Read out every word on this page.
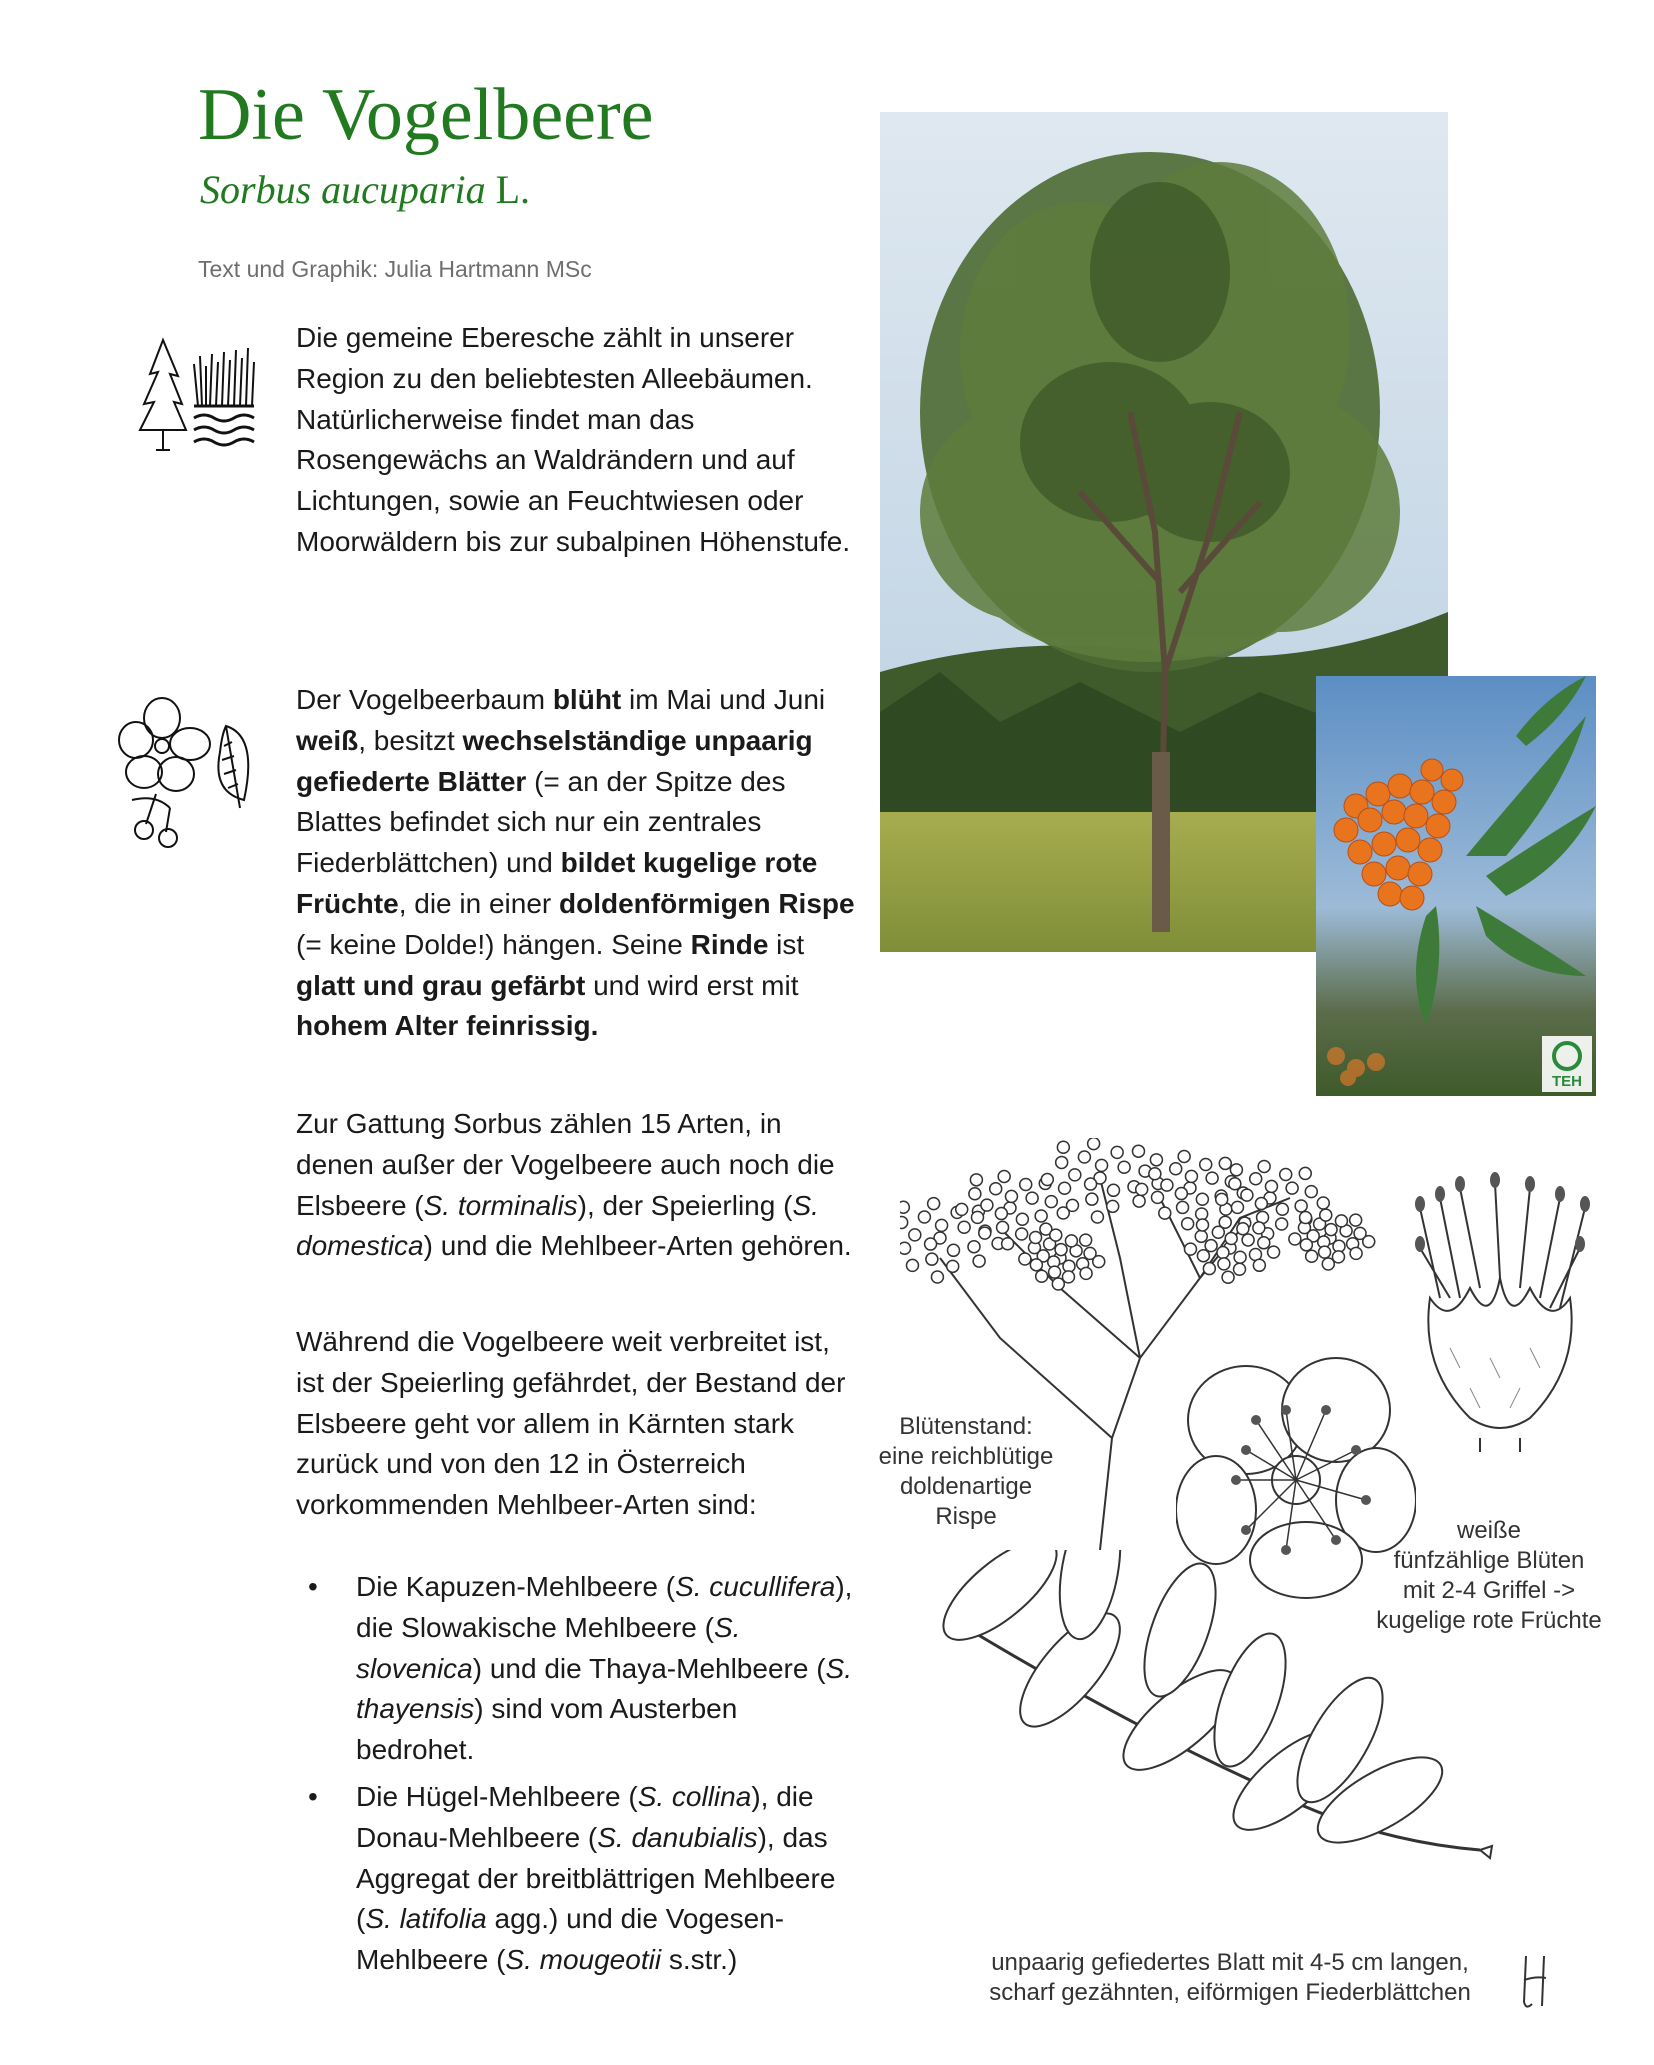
Die Vogelbeere
Sorbus aucuparia L.
Text und Graphik: Julia Hartmann MSc
Die gemeine Eberesche zählt in unserer Region zu den beliebtesten Alleebäumen. Natürlicherweise findet man das Rosengewächs an Waldrändern und auf Lichtungen, sowie an Feuchtwiesen oder Moorwäldern bis zur subalpinen Höhenstufe.
Der Vogelbeerbaum blüht im Mai und Juni weiß, besitzt wechselständige unpaarig gefiederte Blätter (= an der Spitze des Blattes befindet sich nur ein zentrales Fiederblättchen) und bildet kugelige rote Früchte, die in einer doldenförmigen Rispe (= keine Dolde!) hängen. Seine Rinde ist glatt und grau gefärbt und wird erst mit hohem Alter feinrissig.
Zur Gattung Sorbus zählen 15 Arten, in denen außer der Vogelbeere auch noch die Elsbeere (S. torminalis), der Speierling (S. domestica) und die Mehlbeer-Arten gehören.
Während die Vogelbeere weit verbreitet ist, ist der Speierling gefährdet, der Bestand der Elsbeere geht vor allem in Kärnten stark zurück und von den 12 in Österreich vorkommenden Mehlbeer-Arten sind:
• Die Kapuzen-Mehlbeere (S. cucullifera), die Slowakische Mehlbeere (S. slovenica) und die Thaya-Mehlbeere (S. thayensis) sind vom Austerben bedrohet.
• Die Hügel-Mehlbeere (S. collina), die Donau-Mehlbeere (S. danubialis), das Aggregat der breitblättrigen Mehlbeere (S. latifolia agg.) und die Vogesen-Mehlbeere (S. mougeotii s.str.)
TEH
Blütenstand:
eine reichblütige
doldenartige
Rispe
weiße
fünfzählige Blüten
mit 2-4 Griffel ->
kugelige rote Früchte
unpaarig gefiedertes Blatt mit 4-5 cm langen,
scharf gezähnten, eiförmigen Fiederblättchen
